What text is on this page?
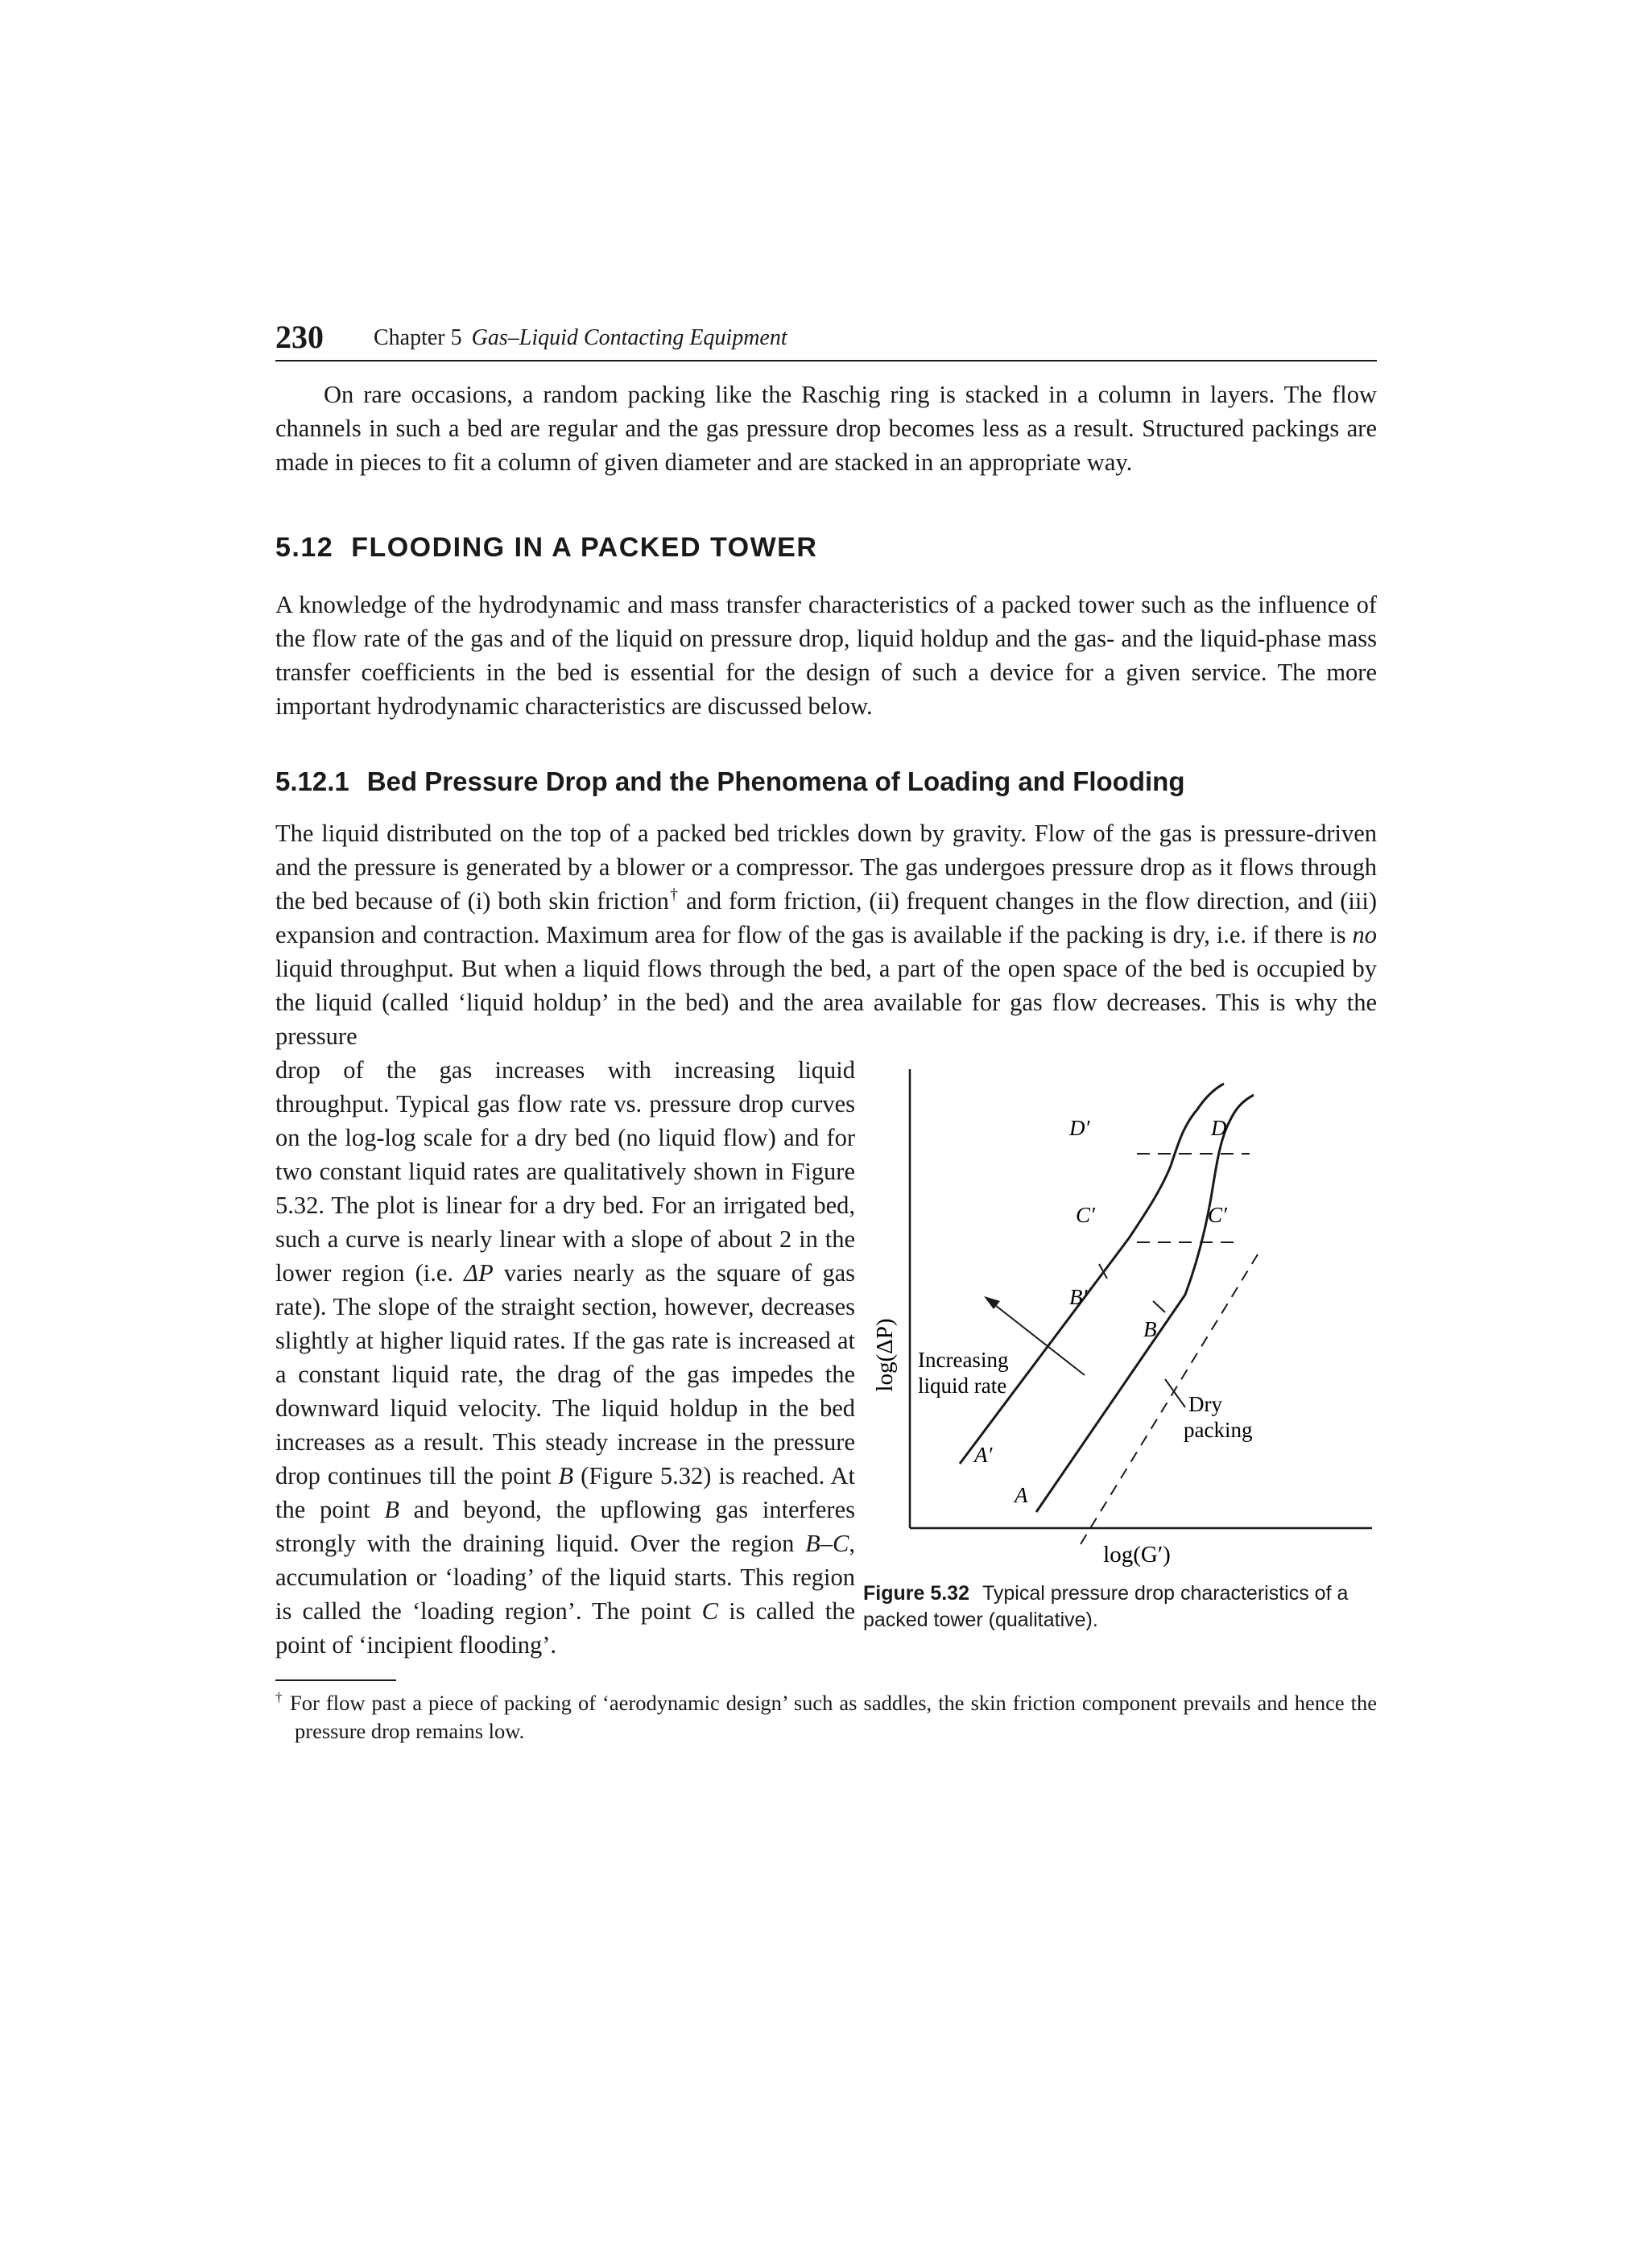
230 Chapter 5 Gas–Liquid Contacting Equipment

On rare occasions, a random packing like the Raschig ring is stacked in a column in layers. The flow channels in such a bed are regular and the gas pressure drop becomes less as a result. Structured packings are made in pieces to fit a column of given diameter and are stacked in an appropriate way.

5.12 FLOODING IN A PACKED TOWER

A knowledge of the hydrodynamic and mass transfer characteristics of a packed tower such as the influence of the flow rate of the gas and of the liquid on pressure drop, liquid holdup and the gas- and the liquid-phase mass transfer coefficients in the bed is essential for the design of such a device for a given service. The more important hydrodynamic characteristics are discussed below.

5.12.1 Bed Pressure Drop and the Phenomena of Loading and Flooding

The liquid distributed on the top of a packed bed trickles down by gravity. Flow of the gas is pressure-driven and the pressure is generated by a blower or a compressor. The gas undergoes pressure drop as it flows through the bed because of (i) both skin friction† and form friction, (ii) frequent changes in the flow direction, and (iii) expansion and contraction. Maximum area for flow of the gas is available if the packing is dry, i.e. if there is no liquid throughput. But when a liquid flows through the bed, a part of the open space of the bed is occupied by the liquid (called ‘liquid holdup’ in the bed) and the area available for gas flow decreases. This is why the pressure

drop of the gas increases with increasing liquid throughput. Typical gas flow rate vs. pressure drop curves on the log-log scale for a dry bed (no liquid flow) and for two constant liquid rates are qualitatively shown in Figure 5.32. The plot is linear for a dry bed. For an irrigated bed, such a curve is nearly linear with a slope of about 2 in the lower region (i.e. ΔP varies nearly as the square of gas rate). The slope of the straight section, however, decreases slightly at higher liquid rates. If the gas rate is increased at a constant liquid rate, the drag of the gas impedes the downward liquid velocity. The liquid holdup in the bed increases as a result. This steady increase in the pressure drop continues till the point B (Figure 5.32) is reached. At the point B and beyond, the upflowing gas interferes strongly with the draining liquid. Over the region B–C, accumulation or ‘loading’ of the liquid starts. This region is called the ‘loading region’. The point C is called the point of ‘incipient flooding’.

log(ΔP)
log(G′)
D′	D
C′	C′
B′
B
A′
A
Increasing
liquid rate
Dry
packing
Figure 5.32 Typical pressure drop characteristics of a packed tower (qualitative).

† For flow past a piece of packing of ‘aerodynamic design’ such as saddles, the skin friction component prevails and hence the pressure drop remains low.
